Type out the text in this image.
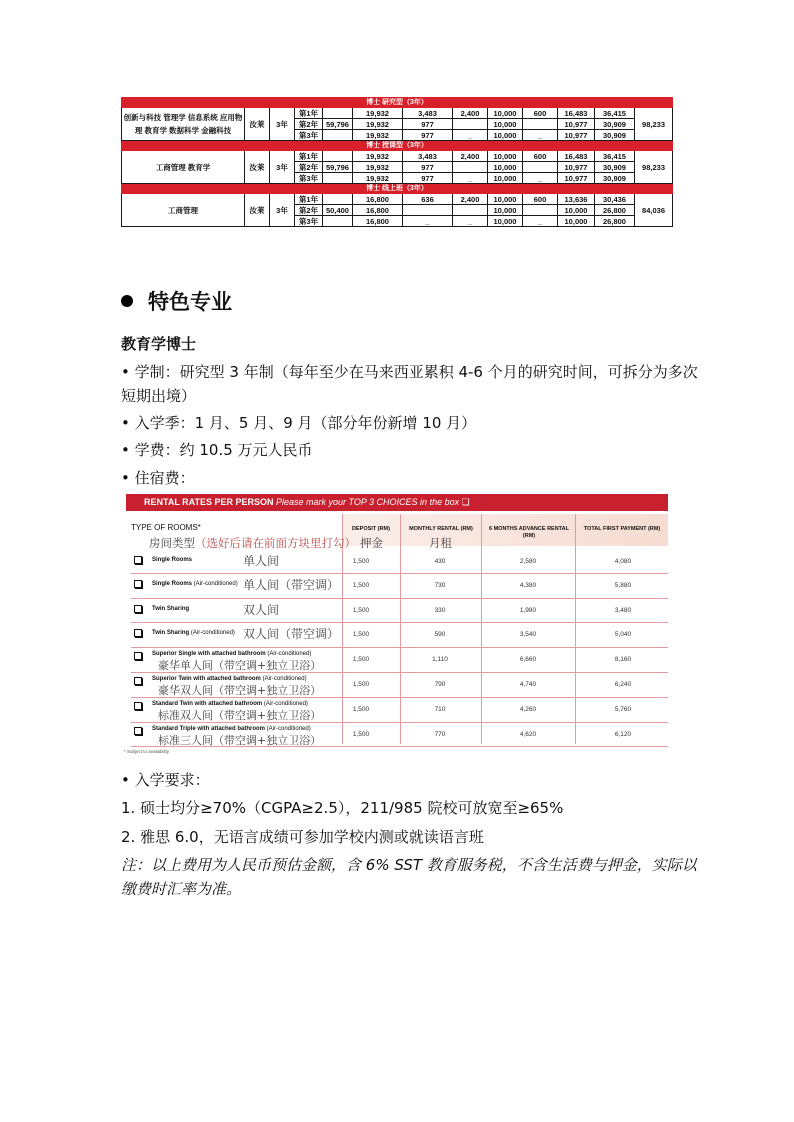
博士 研究型（3年）												
创新与科技 管理学 信息系统 应用物理 教育学 数据科学 金融科技	汝莱	3年	第1年		19,932	3,483	2,400	10,000	600	16,483	36,415	98,233
			第2年	59,796	19,932	977		10,000		10,977	30,909	
			第3年		19,932	977	_	10,000	_	10,977	30,909	
博士 授课型（3年）												
工商管理 教育学	汝莱	3年	第1年		19,932	3,483	2,400	10,000	600	16,483	36,415	98,233
			第2年	59,796	19,932	977		10,000		10,977	30,909	
			第3年		19,932	977	_	10,000	_	10,977	30,909	
博士 线上班（3年）												
工商管理	汝莱	3年	第1年		16,800	636	2,400	10,000	600	13,636	30,436	84,036
			第2年	50,400	16,800			10,000		10,000	26,800	
			第3年		16,800	_	_	10,000	_	10,000	26,800	
特色专业
教育学博士
• 学制：研究型 3 年制（每年至少在马来西亚累积 4-6 个月的研究时间，可拆分为多次
短期出境）
• 入学季：1 月、5 月、9 月（部分年份新增 10 月）
• 学费：约 10.5 万元人民币
• 住宿费：
RENTAL RATES PER PERSON Please mark your TOP 3 CHOICES in the box ❏
TYPE OF ROOMS*
房间类型（选好后请在前面方块里打勾）
DEPOSIT (RM)
押金
MONTHLY RENTAL (RM)
月租
6 MONTHS ADVANCE RENTAL (RM)
TOTAL FIRST PAYMENT (RM)
Single Rooms	单人间	1,500	430	2,580	4,080
Single Rooms (Air-conditioned) 单人间（带空调）	1,500	730	4,380	5,880
Twin Sharing	双人间	1,500	330	1,980	3,480
Twin Sharing (Air-conditioned) 双人间（带空调）	1,500	590	3,540	5,040
Superior Single with attached bathroom (Air-conditioned)
豪华单人间（带空调+独立卫浴）	1,500	1,110	6,660	8,160
Superior Twin with attached bathroom (Air-conditioned)
豪华双人间（带空调+独立卫浴）	1,500	790	4,740	6,240
Standard Twin with attached bathroom (Air-conditioned)
标准双人间（带空调+独立卫浴）	1,500	710	4,260	5,760
Standard Triple with attached bathroom (Air-conditioned)
标准三人间（带空调+独立卫浴）	1,500	770	4,620	6,120
* Subject to availability
• 入学要求：
1. 硕士均分≥70%（CGPA≥2.5），211/985 院校可放宽至≥65%
2. 雅思 6.0，无语言成绩可参加学校内测或就读语言班
注：以上费用为人民币预估金额，含 6% SST 教育服务税，不含生活费与押金，实际以
缴费时汇率为准。
